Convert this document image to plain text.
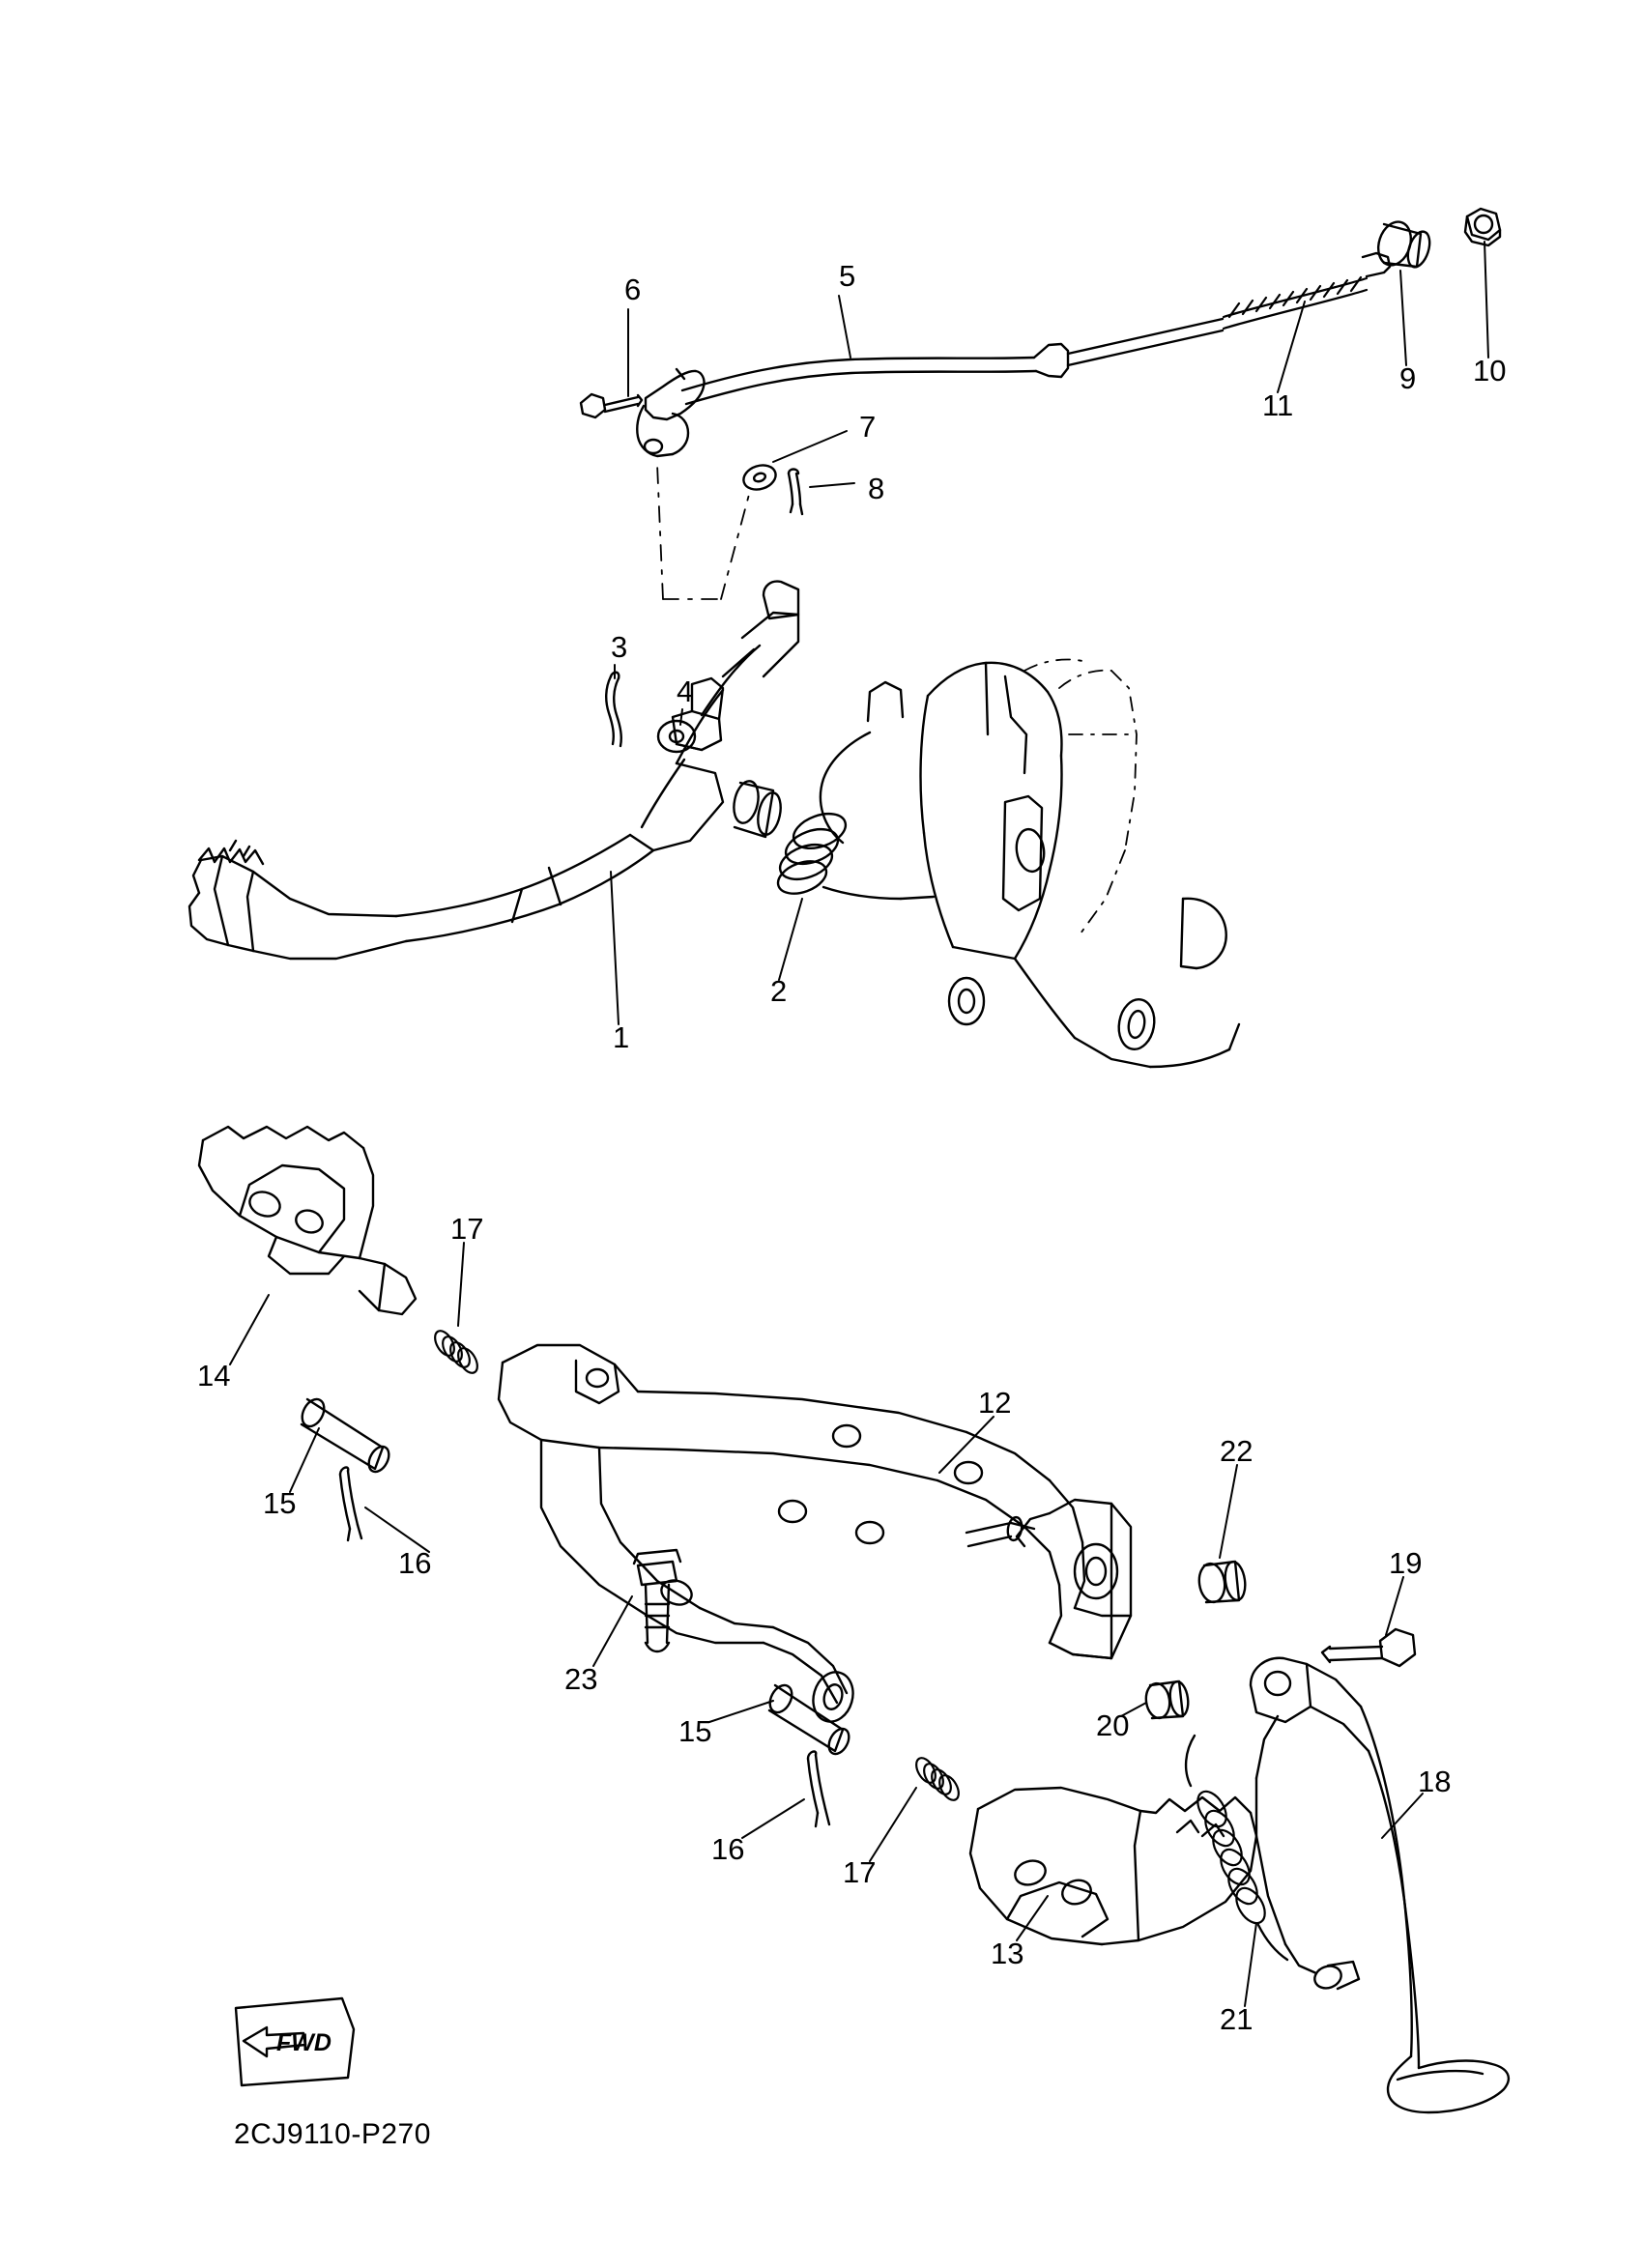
6	5
9 10
11
7
8
3
4
2
1
17
14
12
15
22
16	19
23
15	20
16
17
18
13
21
FWD
2CJ9110-P270
